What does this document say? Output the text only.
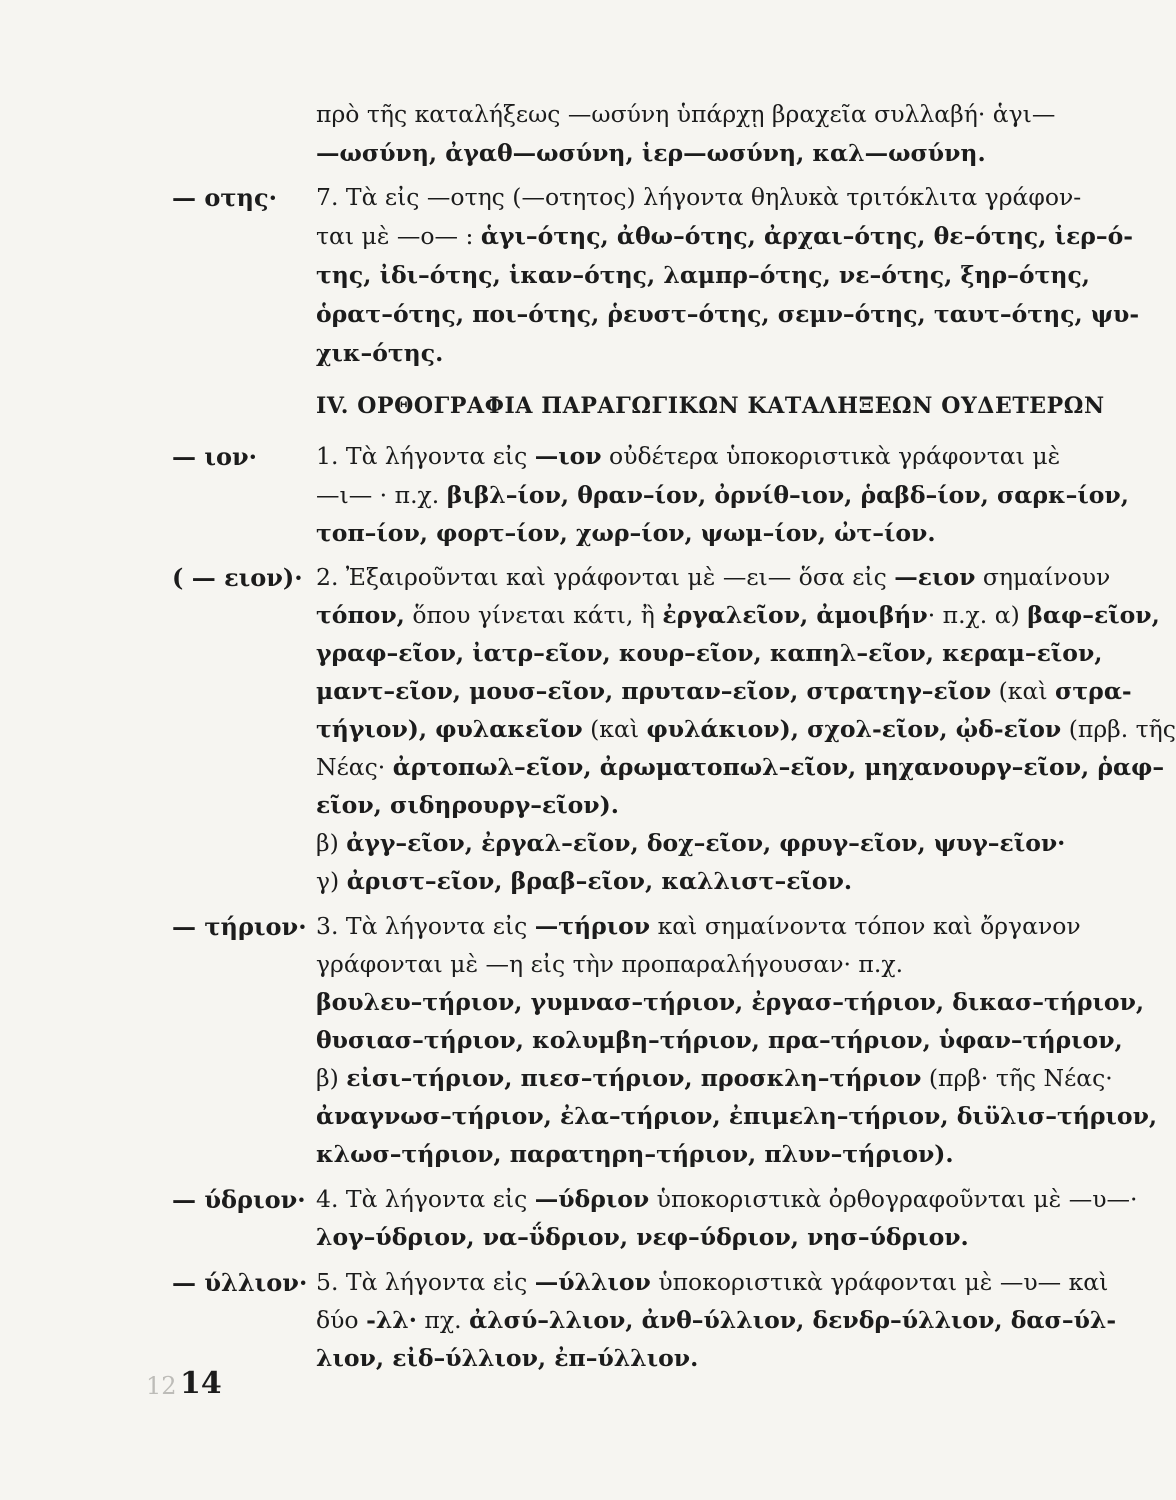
πρὸ τῆς καταλήξεως —ωσύνη ὑπάρχῃ βραχεῖα συλλαβή· ἁγι—
—ωσύνη, ἀγαθ—ωσύνη, ἱερ—ωσύνη, καλ—ωσύνη.
— οτης· 7. Τὰ εἰς —οτης (—οτητος) λήγοντα θηλυκὰ τριτόκλιτα γράφον-
ται μὲ —ο— : ἁγι–ότης, ἀθω–ότης, ἀρχαι–ότης, θε–ότης, ἱερ–ό-
της, ἰδι–ότης, ἱκαν–ότης, λαμπρ–ότης, νε–ότης, ξηρ–ότης,
ὁρατ–ότης, ποι–ότης, ῥευστ–ότης, σεμν–ότης, ταυτ–ότης, ψυ-
χικ–ότης.
IV. ΟΡΘΟΓΡΑΦΙΑ ΠΑΡΑΓΩΓΙΚΩΝ ΚΑΤΑΛΗΞΕΩΝ ΟΥΔΕΤΕΡΩΝ
— ιον·	1. Τὰ λήγοντα εἰς —ιον οὐδέτερα ὑποκοριστικὰ γράφονται μὲ
—ι— · π.χ. βιβλ–ίον, θραν–ίον, ὀρνίθ–ιον, ῥαβδ–ίον, σαρκ–ίον,
τοπ–ίον, φορτ–ίον, χωρ–ίον, ψωμ–ίον, ὠτ–ίον.
( — ειον)· 2. Ἐξαιροῦνται καὶ γράφονται μὲ —ει— ὅσα εἰς —ειον σημαίνουν
τόπον, ὅπου γίνεται κάτι, ἢ ἐργαλεῖον, ἀμοιβήν· π.χ. α) βαφ–εῖον,
γραφ–εῖον, ἰατρ–εῖον, κουρ–εῖον, καπηλ–εῖον, κεραμ–εῖον,
μαντ–εῖον, μουσ–εῖον, πρυταν–εῖον, στρατηγ–εῖον (καὶ στρα-
τήγιον), φυλακεῖον (καὶ φυλάκιον), σχολ-εῖον, ᾠδ-εῖον (πρβ. τῆς
Νέας· ἀρτοπωλ–εῖον, ἀρωματοπωλ–εῖον, μηχανουργ–εῖον, ῥαφ–
εῖον, σιδηρουργ–εῖον).
β) ἀγγ–εῖον, ἐργαλ–εῖον, δοχ–εῖον, φρυγ–εῖον, ψυγ–εῖον·
γ) ἀριστ–εῖον, βραβ–εῖον, καλλιστ–εῖον.
— τήριον· 3. Τὰ λήγοντα εἰς —τήριον καὶ σημαίνοντα τόπον καὶ ὄργανον
γράφονται μὲ —η εἰς τὴν προπαραλήγουσαν· π.χ.
βουλευ–τήριον, γυμνασ–τήριον, ἐργασ–τήριον, δικασ–τήριον,
θυσιασ–τήριον, κολυμβη–τήριον, πρα–τήριον, ὑφαν–τήριον,
β) εἰσι–τήριον, πιεσ–τήριον, προσκλη–τήριον (πρβ· τῆς Νέας·
ἀναγνωσ–τήριον, ἐλα–τήριον, ἐπιμελη–τήριον, διϋλισ–τήριον,
κλωσ–τήριον, παρατηρη–τήριον, πλυν–τήριον).
— ύδριον· 4. Τὰ λήγοντα εἰς —ύδριον ὑποκοριστικὰ ὀρθογραφοῦνται μὲ —υ—·
λογ–ύδριον, να–ΰδριον, νεφ–ύδριον, νησ–ύδριον.
— ύλλιον· 5. Τὰ λήγοντα εἰς —ύλλιον ὑποκοριστικὰ γράφονται μὲ —υ— καὶ
δύο -λλ· πχ. ἀλσύ–λλιον, ἀνθ–ύλλιον, δενδρ–ύλλιον, δασ–ύλ-
λιον, εἰδ–ύλλιον, ἐπ–ύλλιον.
12 14
